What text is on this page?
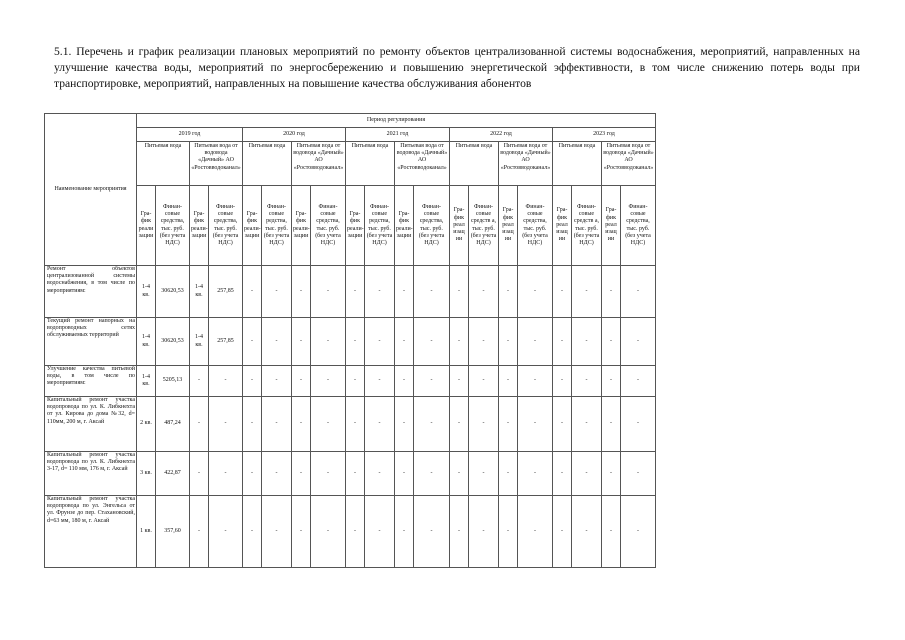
5.1. Перечень и график реализации плановых мероприятий по ремонту объектов централизованной системы водоснабжения, мероприятий, направленных на улучшение качества воды, мероприятий по энергосбережению и повышению энергетической эффективности, в том числе снижению потерь воды при транспортировке, мероприятий, направленных на повышение качества обслуживания абонентов
Наименование мероприятия	Период регулирования																			
	2019 год				2020 год				2021 год				2022 год				2023 год			
	Питьевая вода		Питьевая вода от водовода «Дачный» АО «Ростовводоканал»		Питьевая вода		Питьевая вода от водовода «Дачный» АО «Ростовводоканал»		Питьевая вода		Питьевая вода от водовода «Дачный» АО «Ростовводоканал»		Питьевая вода		Питьевая вода от водовода «Дачный» АО «Ростовводоканал»		Питьевая вода		Питьевая вода от водовода «Дачный» АО «Ростовводоканал»	
	Гра- фик реали зации	Финан- совые средства, тыс. руб. (без учета НДС)	Гра- фик реали- зации	Финан- совые средства, тыс. руб. (без учета НДС)	Гра- фик реали- зации	Финан- совые редства, тыс. руб. (без учета НДС)	Гра- фик реали- зации	Финан- совые средства, тыс. руб. (без учета НДС)	Гра- фик реали- зации	Финан- совые редства, тыс. руб. (без учета НДС)	Гра- фик реали- зации	Финан- совые средства, тыс. руб. (без учета НДС)	Гра- фик реал изац ии	Финан- совые средств а, тыс. руб. (без учета НДС)	Гра- фик реал изац ии	Финан- совые средства, тыс. руб. (без учета НДС)	Гра- фик реал изац ии	Финан- совые средств а, тыс. руб. (без учета НДС)	Гра- фик реал изац ии	Финан- совые средства, тыс. руб. (без учета НДС)
Ремонт объектов централизованной системы водоснабжения, в том числе по мероприятиям:	1-4 кв.	30620,53	1-4 кв.	257,85	-	-	-	-	-	-	-	-	-	-	-	-	-	-	-	-
Текущий ремонт напорных на водопроводных сетях обслуживаемых территорий	1-4 кв.	30620,53	1-4 кв.	257,85	-	-	-	-	-	-	-	-	-	-	-	-	-	-	-	-
Улучшение качества питьевой воды, в том числе по мероприятиям:	1-4 кв.	5205,13	-	-	-	-	-	-	-	-	-	-	-	-	-	-	-	-	-	-
Капитальный ремонт участка водопровода по ул. К. Либкнехта от ул. Кирова до дома №32, d= 110мм, 200 м, г. Аксай	2 кв.	487,24	-	-	-	-	-	-	-	-	-	-	-	-	-	-	-	-	-	-
Капитальный ремонт участка водопровода по ул. К. Либкнехта 3-17, d= 110 мм, 176 м, г. Аксай	3 кв.	422,87	-	-	-	-	-	-	-	-	-	-	-	-	-	-	-	-	-	-
Капитальный ремонт участка водопровода по ул. Энгельса от ул. Фрунзе до пер. Стахановский, d=63 мм, 180 м, г. Аксай	1 кв.	357,60	-	-	-	-	-	-	-	-	-	-	-	-	-	-	-	-	-	-
